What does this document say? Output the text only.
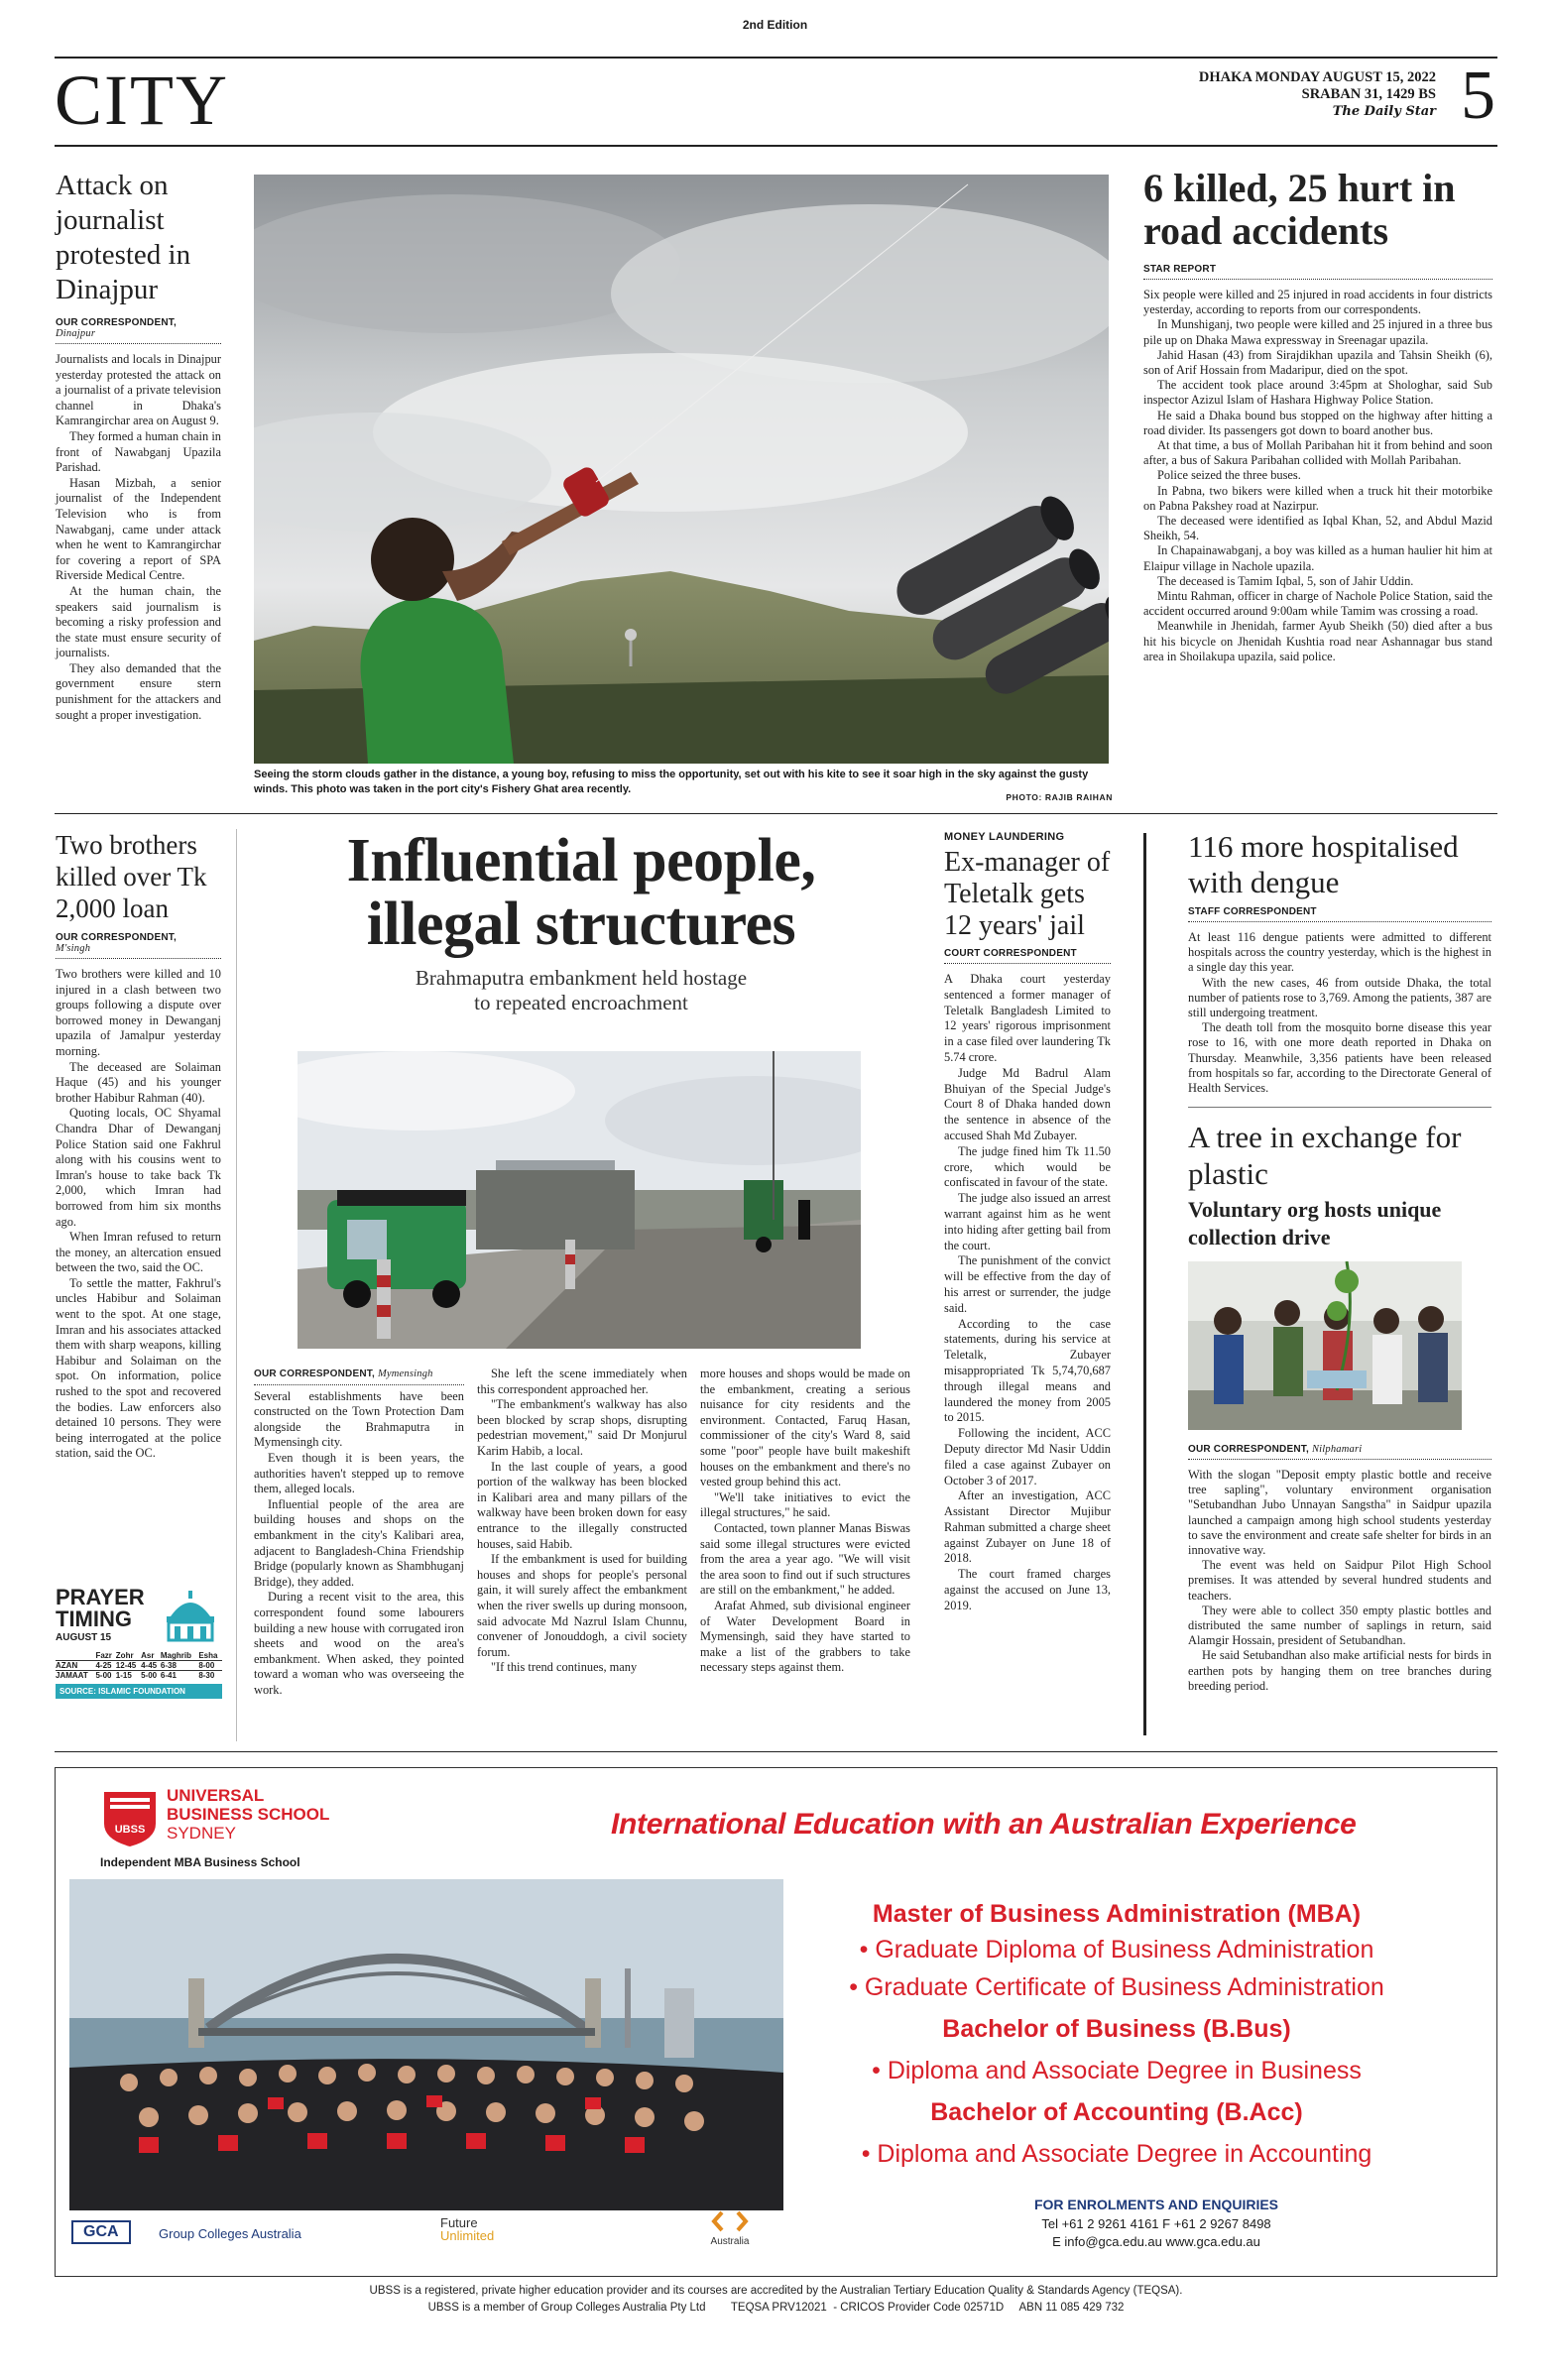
2nd Edition
CITY	DHAKA MONDAY AUGUST 15, 2022
SRABAN 31, 1429 BS
The Daily Star 5
Attack on journalist protested in Dinajpur
OUR CORRESPONDENT,
Dinajpur

Journalists and locals in Dinajpur yesterday protested the attack on a journalist of a private television channel in Dhaka's Kamrangirchar area on August 9.

They formed a human chain in front of Nawabganj Upazila Parishad.

Hasan Mizbah, a senior journalist of the Independent Television who is from Nawabganj, came under attack when he went to Kamrangirchar for covering a report of SPA Riverside Medical Centre.

At the human chain, the speakers said journalism is becoming a risky profession and the state must ensure security of journalists.

They also demanded that the government ensure stern punishment for the attackers and sought a proper investigation.

Seeing the storm clouds gather in the distance, a young boy, refusing to miss the opportunity, set out with his kite to see it soar high in the sky against the gusty winds. This photo was taken in the port city's Fishery Ghat area recently.
PHOTO: RAJIB RAIHAN
6 killed, 25 hurt in road accidents
STAR REPORT

Six people were killed and 25 injured in road accidents in four districts yesterday, according to reports from our correspondents.

In Munshiganj, two people were killed and 25 injured in a three bus pile up on Dhaka Mawa expressway in Sreenagar upazila.

Jahid Hasan (43) from Sirajdikhan upazila and Tahsin Sheikh (6), son of Arif Hossain from Madaripur, died on the spot.

The accident took place around 3:45pm at Shologhar, said Sub inspector Azizul Islam of Hashara Highway Police Station.

He said a Dhaka bound bus stopped on the highway after hitting a road divider. Its passengers got down to board another bus.

At that time, a bus of Mollah Paribahan hit it from behind and soon after, a bus of Sakura Paribahan collided with Mollah Paribahan.

Police seized the three buses.

In Pabna, two bikers were killed when a truck hit their motorbike on Pabna Pakshey road at Nazirpur.

The deceased were identified as Iqbal Khan, 52, and Abdul Mazid Sheikh, 54.

In Chapainawabganj, a boy was killed as a human haulier hit him at Elaipur village in Nachole upazila.

The deceased is Tamim Iqbal, 5, son of Jahir Uddin.

Mintu Rahman, officer in charge of Nachole Police Station, said the accident occurred around 9:00am while Tamim was crossing a road.

Meanwhile in Jhenidah, farmer Ayub Sheikh (50) died after a bus hit his bicycle on Jhenidah Kushtia road near Ashannagar bus stand area in Shoilakupa upazila, said police.

Two brothers killed over Tk 2,000 loan
OUR CORRESPONDENT,
M'singh

Two brothers were killed and 10 injured in a clash between two groups following a dispute over borrowed money in Dewanganj upazila of Jamalpur yesterday morning.

The deceased are Solaiman Haque (45) and his younger brother Habibur Rahman (40).

Quoting locals, OC Shyamal Chandra Dhar of Dewanganj Police Station said one Fakhrul along with his cousins went to Imran's house to take back Tk 2,000, which Imran had borrowed from him six months ago.

When Imran refused to return the money, an altercation ensued between the two, said the OC.

To settle the matter, Fakhrul's uncles Habibur and Solaiman went to the spot. At one stage, Imran and his associates attacked them with sharp weapons, killing Habibur and Solaiman on the spot. On information, police rushed to the spot and recovered the bodies. Law enforcers also detained 10 persons. They were being interrogated at the police station, said the OC.

PRAYER
TIMING
AUGUST 15
	Fazr	Zohr	Asr	Maghrib	Esha
AZAN	4-25	12-45	4-45	6-38	8-00
JAMAAT	5-00	1-15	5-00	6-41	8-30
SOURCE: ISLAMIC FOUNDATION
Influential people,
illegal structures
Brahmaputra embankment held hostage
to repeated encroachment
OUR CORRESPONDENT, Mymensingh

Several establishments have been constructed on the Town Protection Dam alongside the Brahmaputra in Mymensingh city.

Even though it is been years, the authorities haven't stepped up to remove them, alleged locals.

Influential people of the area are building houses and shops on the embankment in the city's Kalibari area, adjacent to Bangladesh-China Friendship Bridge (popularly known as Shambhuganj Bridge), they added.

During a recent visit to the area, this correspondent found some labourers building a new house with corrugated iron sheets and wood on the area's embankment. When asked, they pointed toward a woman who was overseeing the work.

She left the scene immediately when this correspondent approached her.

"The embankment's walkway has also been blocked by scrap shops, disrupting pedestrian movement," said Dr Monjurul Karim Habib, a local.

In the last couple of years, a good portion of the walkway has been blocked in Kalibari area and many pillars of the walkway have been broken down for easy entrance to the illegally constructed houses, said Habib.

If the embankment is used for building houses and shops for people's personal gain, it will surely affect the embankment when the river swells up during monsoon, said advocate Md Nazrul Islam Chunnu, convener of Jonouddogh, a civil society forum.

"If this trend continues, many

more houses and shops would be made on the embankment, creating a serious nuisance for city residents and the environment. Contacted, Faruq Hasan, commissioner of the city's Ward 8, said some "poor" people have built makeshift houses on the embankment and there's no vested group behind this act.

"We'll take initiatives to evict the illegal structures," he said.

Contacted, town planner Manas Biswas said some illegal structures were evicted from the area a year ago. "We will visit the area soon to find out if such structures are still on the embankment," he added.

Arafat Ahmed, sub divisional engineer of Water Development Board in Mymensingh, said they have started to make a list of the grabbers to take necessary steps against them.

MONEY LAUNDERING
Ex-manager of Teletalk gets 12 years' jail
COURT CORRESPONDENT

A Dhaka court yesterday sentenced a former manager of Teletalk Bangladesh Limited to 12 years' rigorous imprisonment in a case filed over laundering Tk 5.74 crore.

Judge Md Badrul Alam Bhuiyan of the Special Judge's Court 8 of Dhaka handed down the sentence in absence of the accused Shah Md Zubayer.

The judge fined him Tk 11.50 crore, which would be confiscated in favour of the state.

The judge also issued an arrest warrant against him as he went into hiding after getting bail from the court.

The punishment of the convict will be effective from the day of his arrest or surrender, the judge said.

According to the case statements, during his service at Teletalk, Zubayer misappropriated Tk 5,74,70,687 through illegal means and laundered the money from 2005 to 2015.

Following the incident, ACC Deputy director Md Nasir Uddin filed a case against Zubayer on October 3 of 2017.

After an investigation, ACC Assistant Director Mujibur Rahman submitted a charge sheet against Zubayer on June 18 of 2018.

The court framed charges against the accused on June 13, 2019.

116 more hospitalised with dengue
STAFF CORRESPONDENT

At least 116 dengue patients were admitted to different hospitals across the country yesterday, which is the highest in a single day this year.

With the new cases, 46 from outside Dhaka, the total number of patients rose to 3,769. Among the patients, 387 are still undergoing treatment.

The death toll from the mosquito borne disease this year rose to 16, with one more death reported in Dhaka on Thursday. Meanwhile, 3,356 patients have been released from hospitals so far, according to the Directorate General of Health Services.

A tree in exchange for plastic
Voluntary org hosts unique collection drive
OUR CORRESPONDENT, Nilphamari

With the slogan "Deposit empty plastic bottle and receive tree sapling", voluntary environment organisation "Setubandhan Jubo Unnayan Sangstha" in Saidpur upazila launched a campaign among high school students yesterday to save the environment and create safe shelter for birds in an innovative way.

The event was held on Saidpur Pilot High School premises. It was attended by several hundred students and teachers.

They were able to collect 350 empty plastic bottles and distributed the same number of saplings in return, said Alamgir Hossain, president of Setubandhan.

He said Setubandhan also make artificial nests for birds in earthen pots by hanging them on tree branches during breeding period.

UBSS
UNIVERSAL
BUSINESS SCHOOL
SYDNEY
Independent MBA Business School
International Education with an Australian Experience
Master of Business Administration (MBA)
• Graduate Diploma of Business Administration
• Graduate Certificate of Business Administration
Bachelor of Business (B.Bus)
• Diploma and Associate Degree in Business
Bachelor of Accounting (B.Acc)
• Diploma and Associate Degree in Accounting
FOR ENROLMENTS AND ENQUIRIES
Tel +61 2 9261 4161 F +61 2 9267 8498
E info@gca.edu.au www.gca.edu.au
GCA	Group Colleges Australia
Future
Unlimited	Australia
UBSS is a registered, private higher education provider and its courses are accredited by the Australian Tertiary Education Quality & Standards Agency (TEQSA).
UBSS is a member of Group Colleges Australia Pty Ltd        TEQSA PRV12021  - CRICOS Provider Code 02571D     ABN 11 085 429 732
